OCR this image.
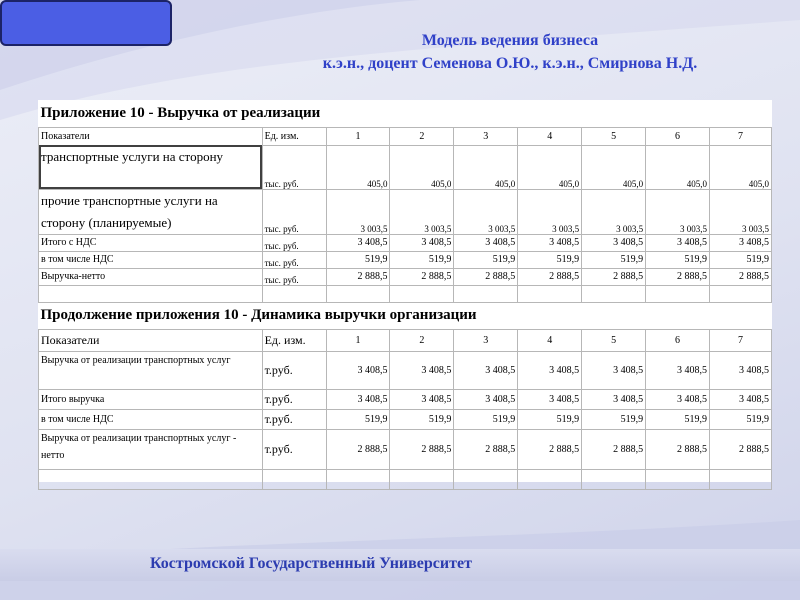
Модель ведения бизнеса
к.э.н., доцент Семенова О.Ю., к.э.н., Смирнова Н.Д.
Приложение 10 - Выручка от реализации								
Показатели	Ед. изм.	1	2	3	4	5	6	7
транспортные услуги на сторону	тыс. руб.	405,0	405,0	405,0	405,0	405,0	405,0	405,0
прочие транспортные услуги на сторону (планируемые)	тыс. руб.	3 003,5	3 003,5	3 003,5	3 003,5	3 003,5	3 003,5	3 003,5
Итого с НДС	тыс. руб.	3 408,5	3 408,5	3 408,5	3 408,5	3 408,5	3 408,5	3 408,5
в том числе НДС	тыс. руб.	519,9	519,9	519,9	519,9	519,9	519,9	519,9
Выручка-нетто	тыс. руб.	2 888,5	2 888,5	2 888,5	2 888,5	2 888,5	2 888,5	2 888,5

Продолжение приложения 10 - Динамика выручки организации								
Показатели	Ед. изм.	1	2	3	4	5	6	7
Выручка от реализации транспортных услуг	т.руб.	3 408,5	3 408,5	3 408,5	3 408,5	3 408,5	3 408,5	3 408,5
Итого выручка	т.руб.	3 408,5	3 408,5	3 408,5	3 408,5	3 408,5	3 408,5	3 408,5
в том числе НДС	т.руб.	519,9	519,9	519,9	519,9	519,9	519,9	519,9
Выручка от реализации транспортных услуг - нетто	т.руб.	2 888,5	2 888,5	2 888,5	2 888,5	2 888,5	2 888,5	2 888,5

Костромской Государственный Университет
